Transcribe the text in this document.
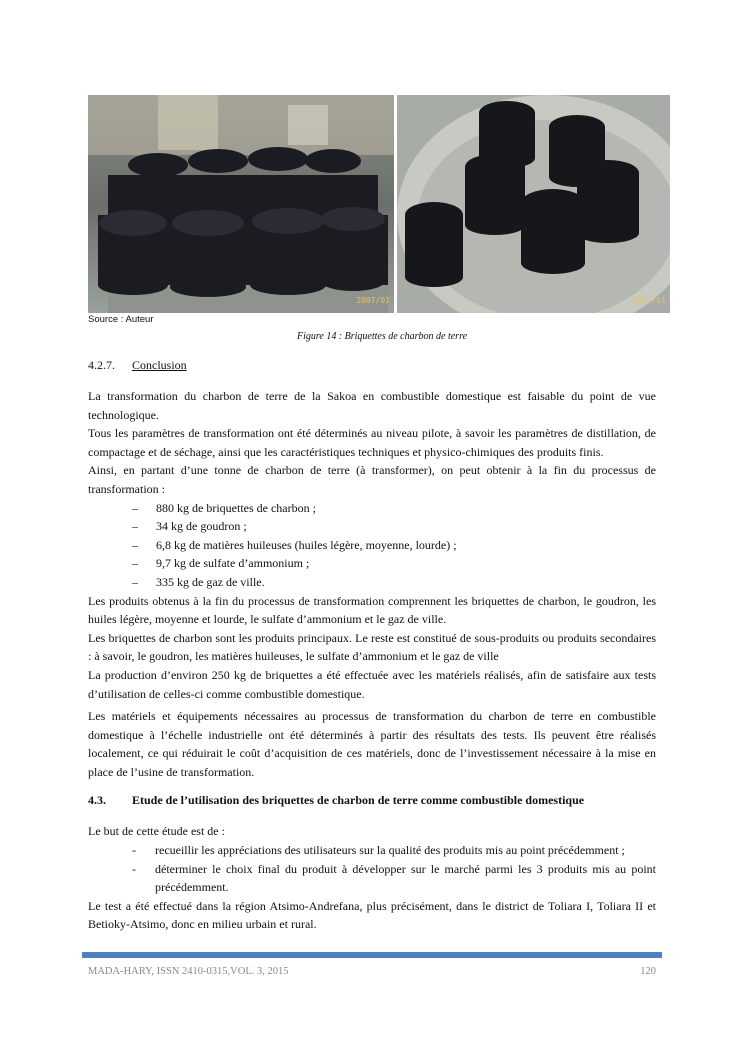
2007/01	2007/01
Source : Auteur
Figure 14 : Briquettes de charbon de terre
4.2.7.	Conclusion

La transformation du charbon de terre de la Sakoa en combustible domestique est faisable du point de vue technologique.

Tous les paramètres de transformation ont été déterminés au niveau pilote, à savoir les paramètres de distillation, de compactage et de séchage, ainsi que les caractéristiques techniques et physico-chimiques des produits finis.

Ainsi, en partant d’une tonne de charbon de terre (à transformer), on peut obtenir à la fin du processus de transformation :

– 880 kg de briquettes de charbon ;
– 34 kg de goudron ;
– 6,8 kg de matières huileuses (huiles légère, moyenne, lourde) ;
– 9,7 kg de sulfate d’ammonium ;
– 335 kg de gaz de ville.

Les produits obtenus à la fin du processus de transformation comprennent les briquettes de charbon, le goudron, les huiles légère, moyenne et lourde, le sulfate d’ammonium et le gaz de ville.

Les briquettes de charbon sont les produits principaux. Le reste est constitué de sous-produits ou produits secondaires : à savoir, le goudron, les matières huileuses, le sulfate d’ammonium et le gaz de ville

La production d’environ 250 kg de briquettes a été effectuée avec les matériels réalisés, afin de satisfaire aux tests d’utilisation de celles-ci comme combustible domestique.

Les matériels et équipements nécessaires au processus de transformation du charbon de terre en combustible domestique à l’échelle industrielle ont été déterminés à partir des résultats des tests. Ils peuvent être réalisés localement, ce qui réduirait le coût d’acquisition de ces matériels, donc de l’investissement nécessaire à la mise en place de l’usine de transformation.

4.3.	Etude de l’utilisation des briquettes de charbon de terre comme combustible domestique

Le but de cette étude est de :

- recueillir les appréciations des utilisateurs sur la qualité des produits mis au point précédemment ;
- déterminer le choix final du produit à développer sur le marché parmi les 3 produits mis au point précédemment.

Le test a été effectué dans la région Atsimo-Andrefana, plus précisément, dans le district de Toliara I, Toliara II et Betioky-Atsimo, donc en milieu urbain et rural.

MADA-HARY, ISSN 2410-0315,VOL. 3, 2015	120
